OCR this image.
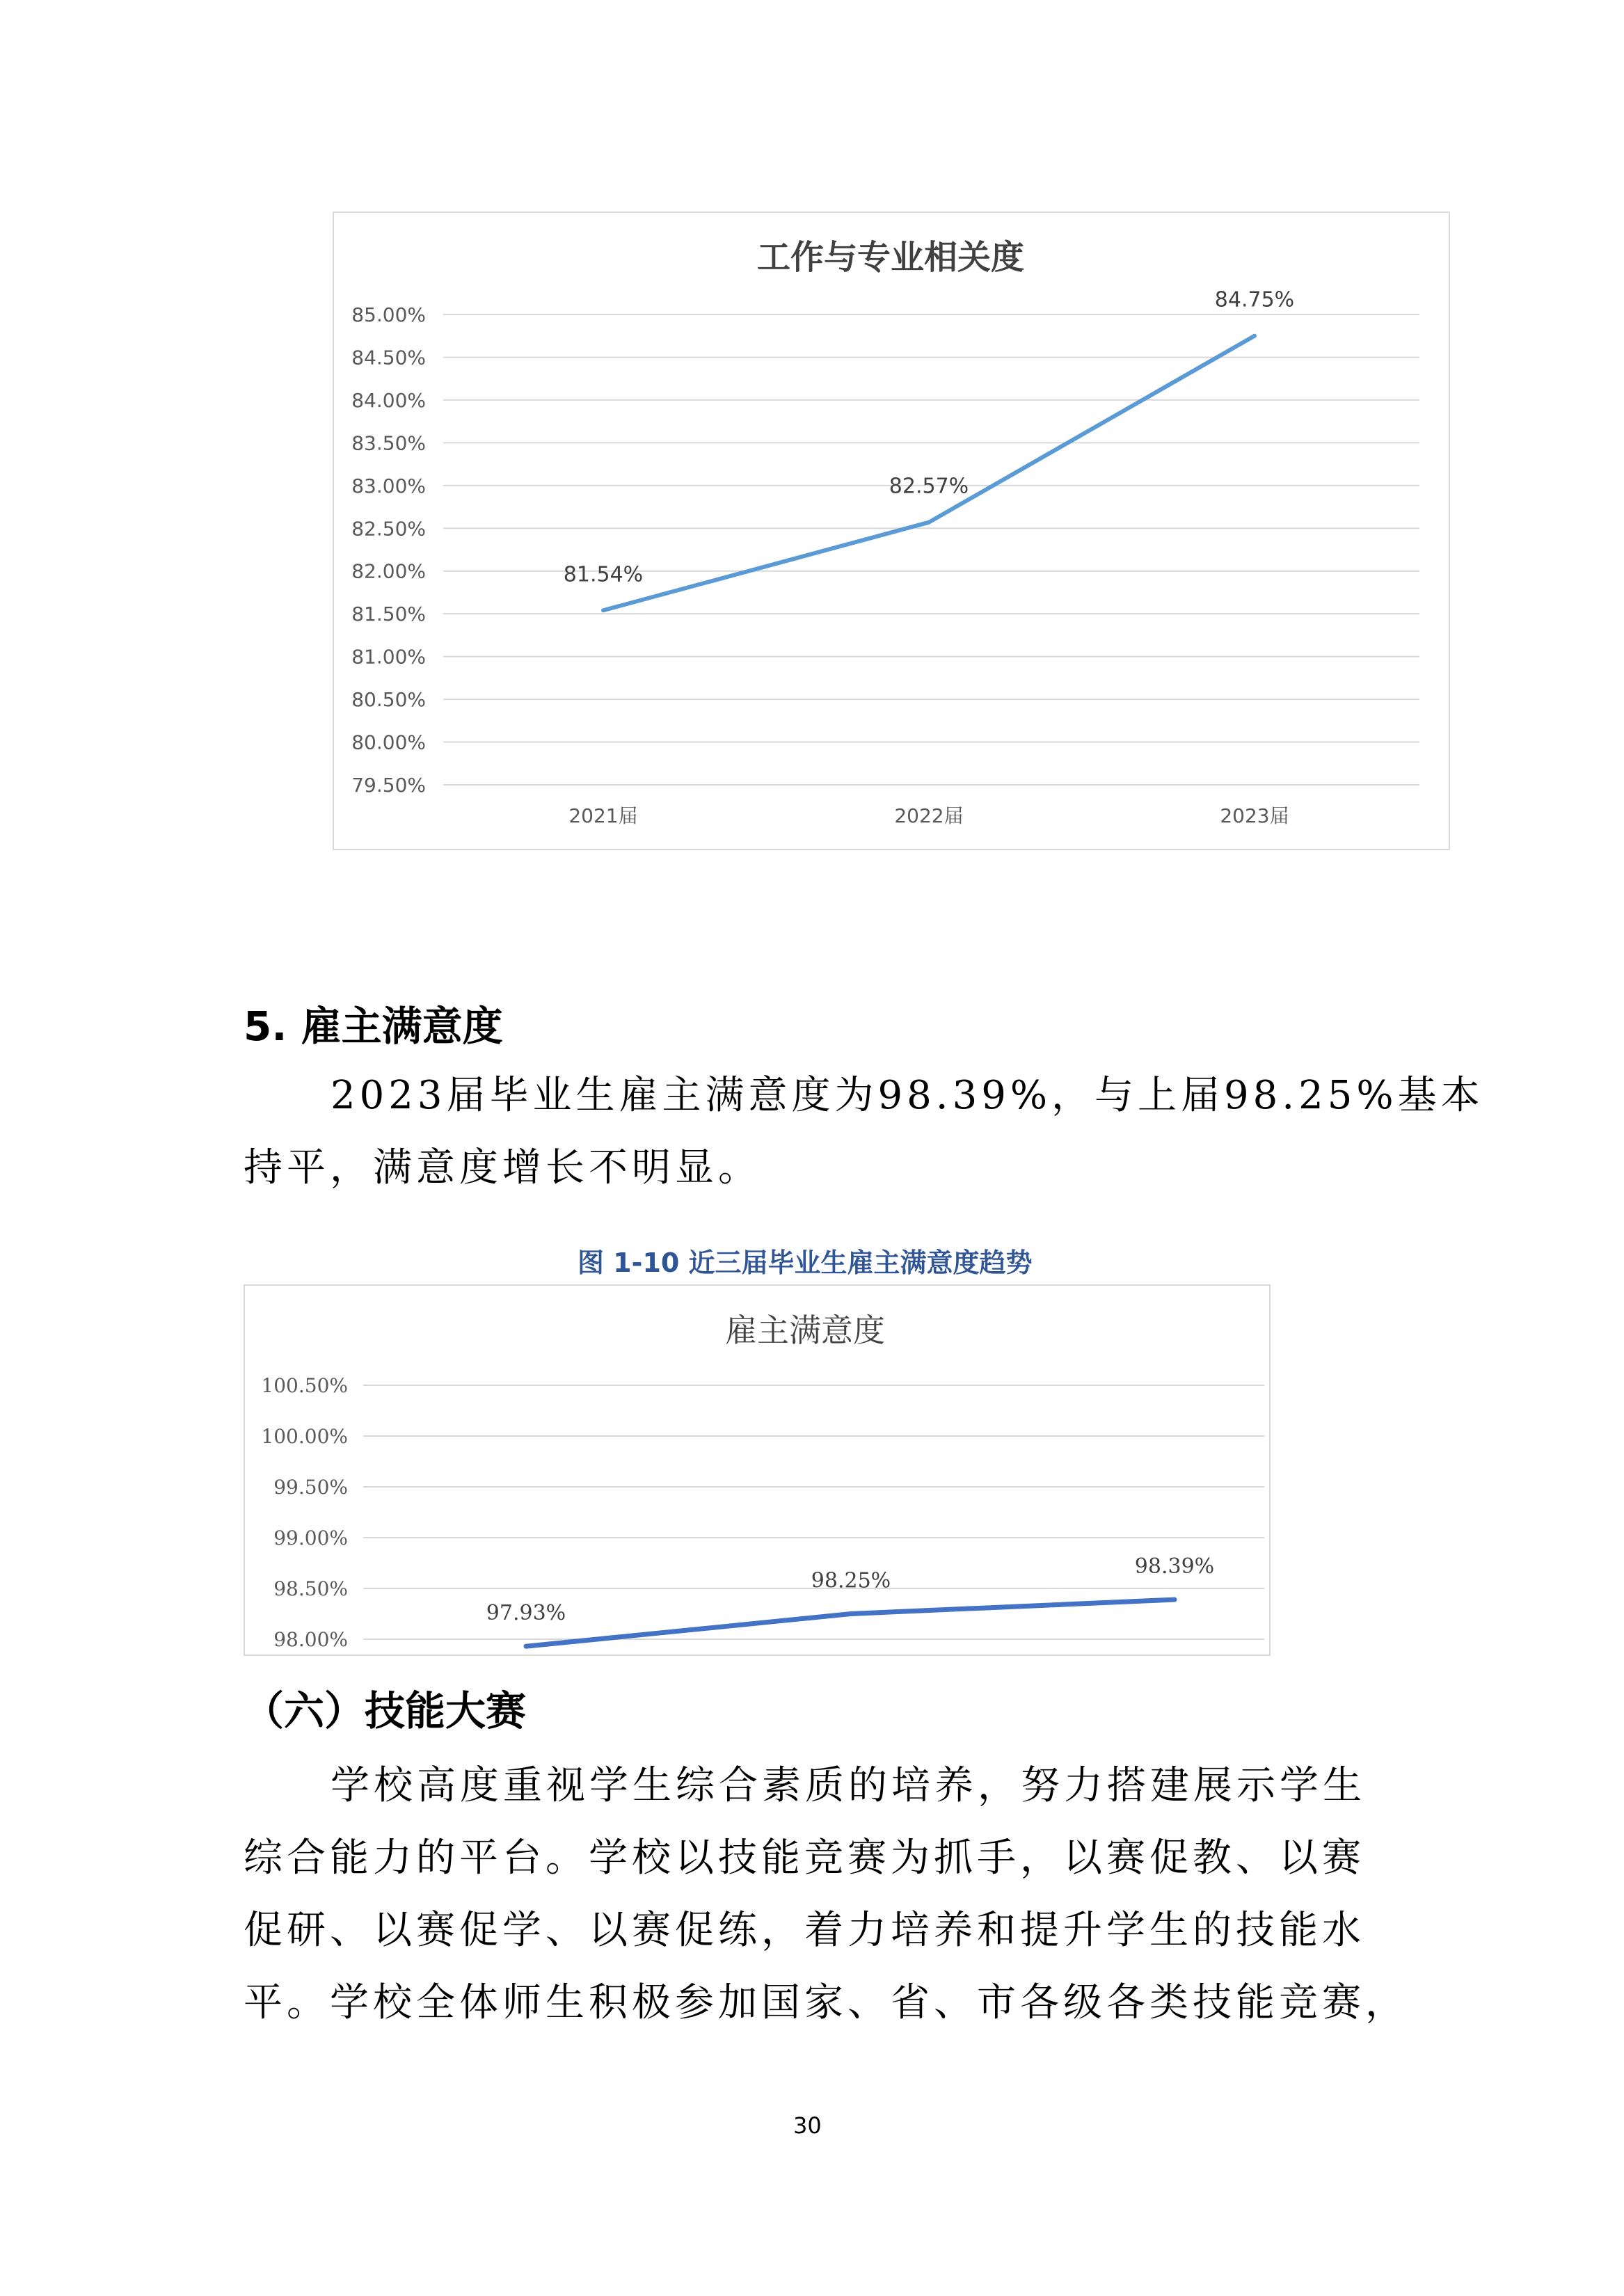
工作与专业相关度
85.00%
84.50%
84.00%
83.50%
83.00%
82.50%
82.00%
81.50%
81.00%
80.50%
80.00%
79.50%
2021届	2022届	2023届
81.54%
82.57%
84.75%
5. 雇主满意度
2023届毕业生雇主满意度为98.39%，与上届98.25%基本
持平，满意度增长不明显。
图 1-10 近三届毕业生雇主满意度趋势
雇主满意度
100.50%
100.00%
99.50%
99.00%
98.50%
98.00%
97.93%
98.25%
98.39%
（六）技能大赛
学校高度重视学生综合素质的培养，努力搭建展示学生
综合能力的平台。学校以技能竞赛为抓手，以赛促教、以赛
促研、以赛促学、以赛促练，着力培养和提升学生的技能水
平。学校全体师生积极参加国家、省、市各级各类技能竞赛，
30
